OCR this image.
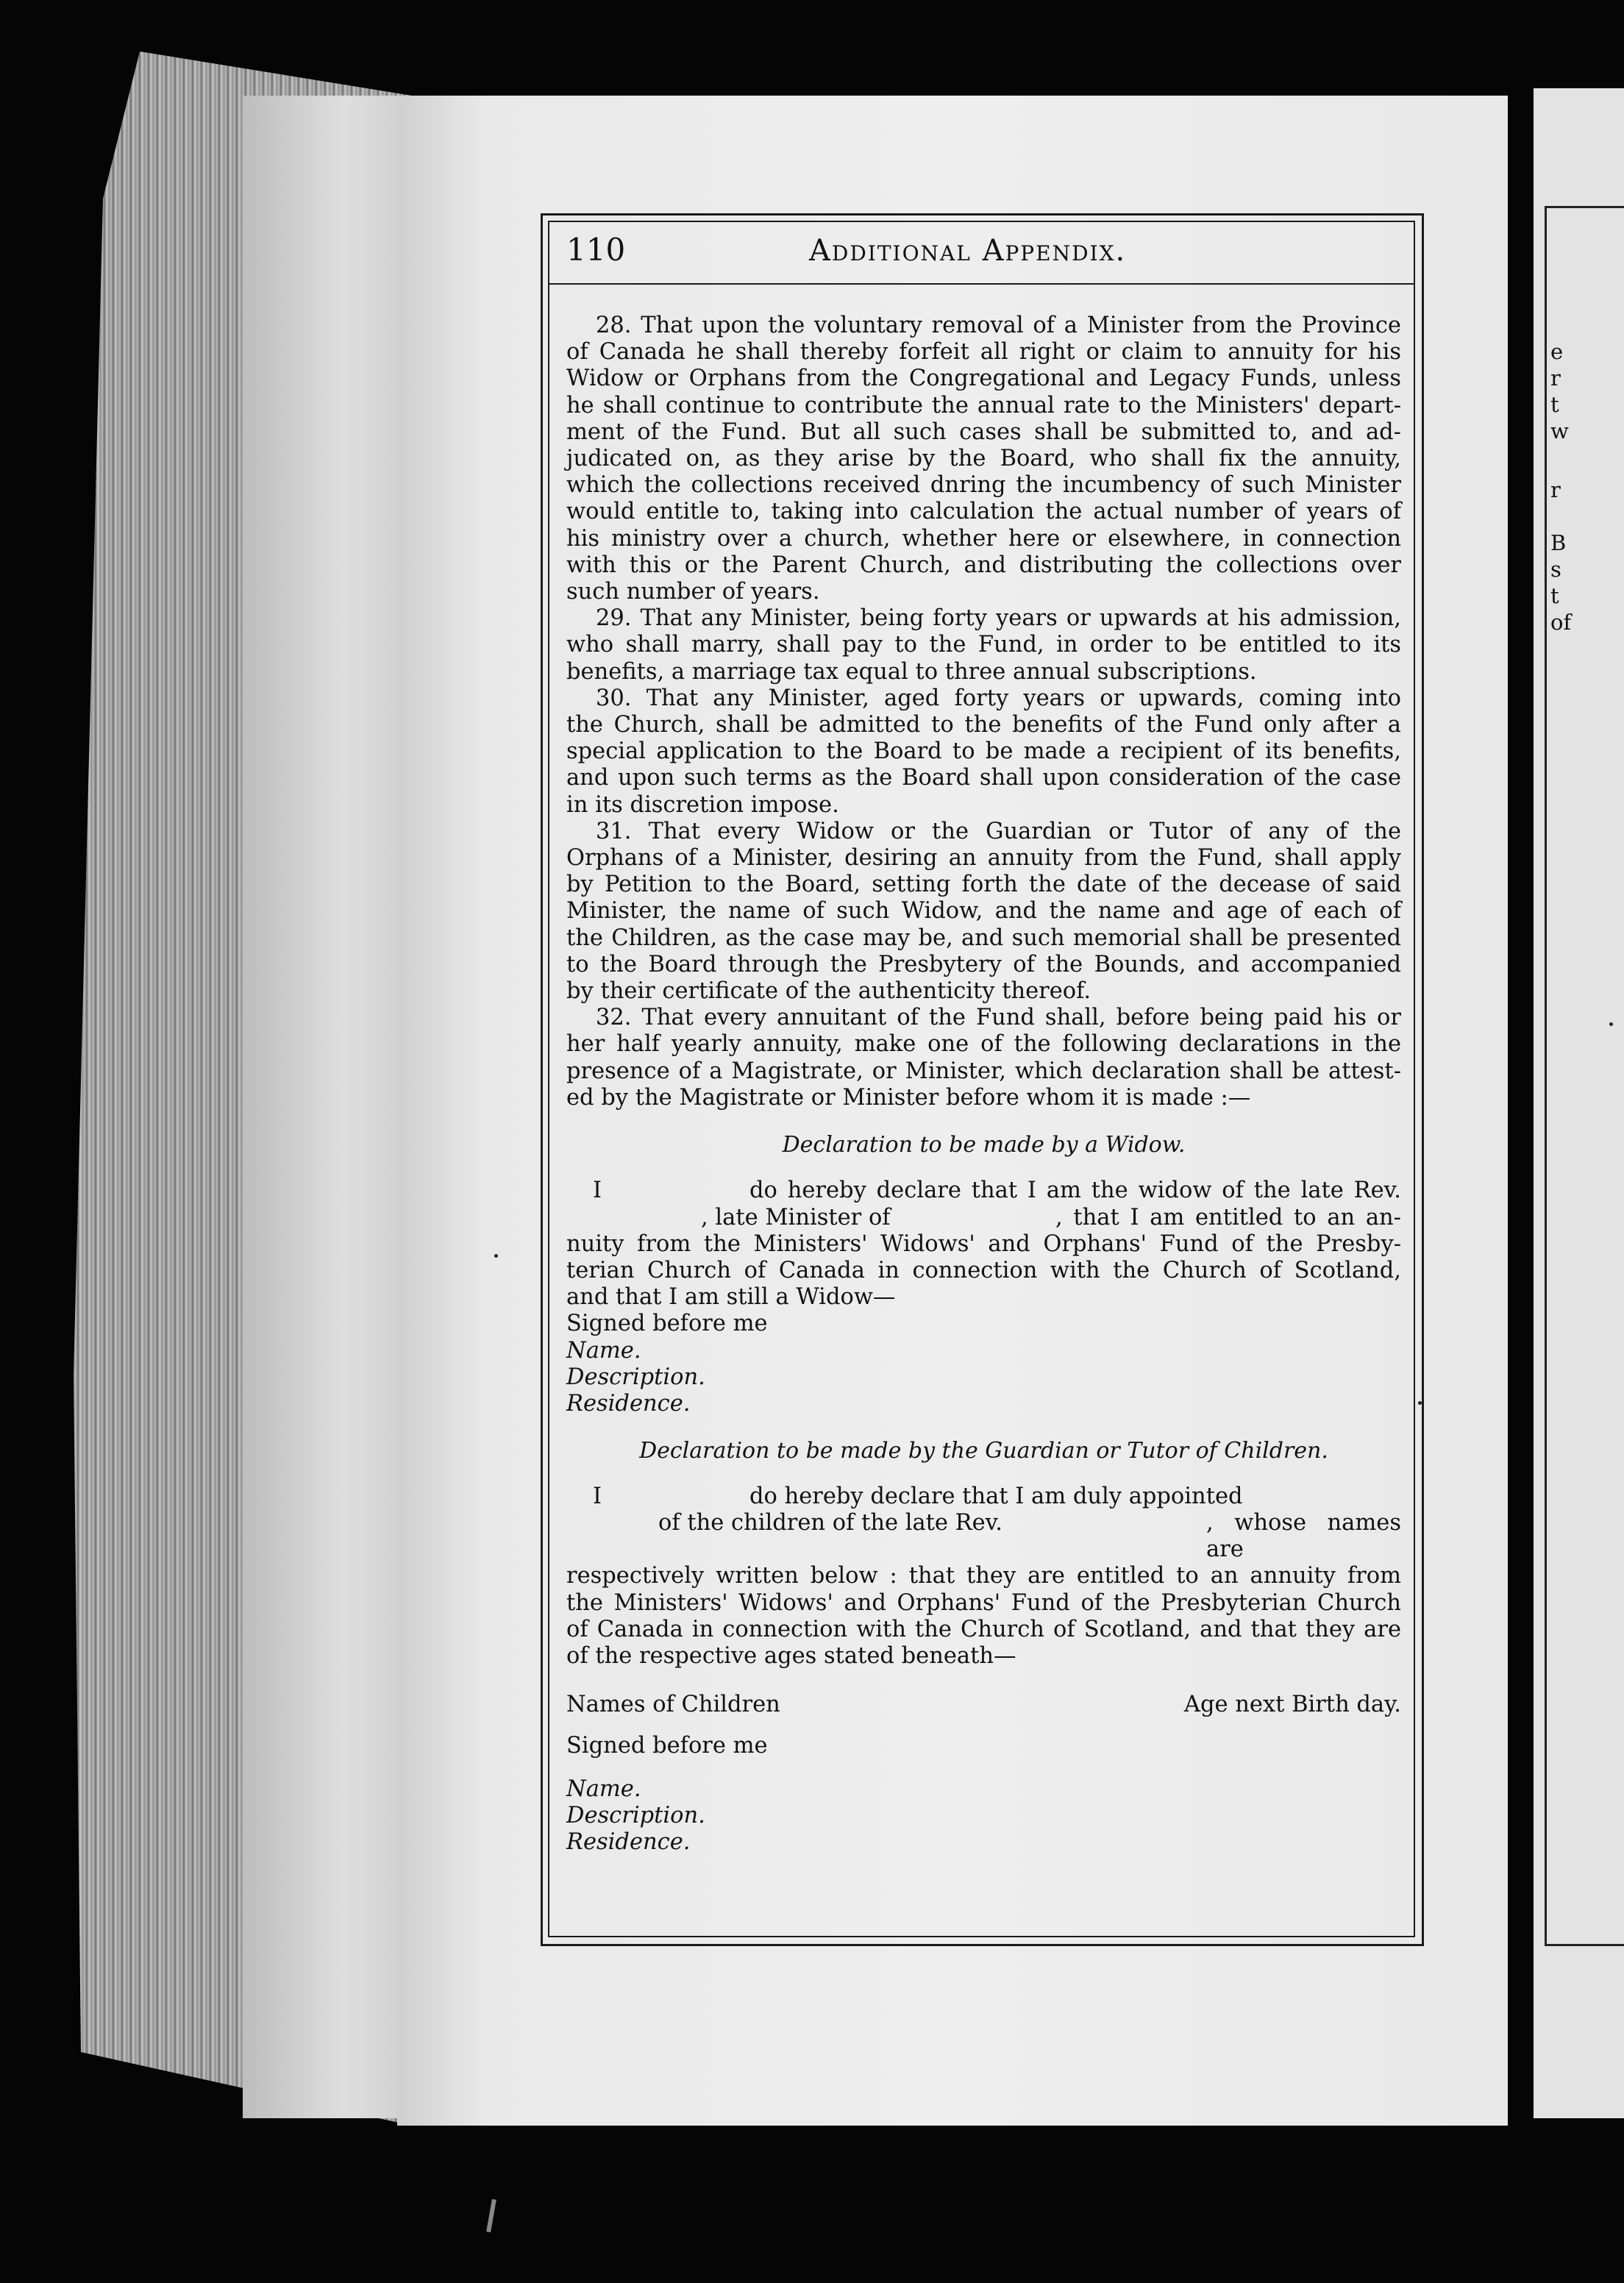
e
r
t
w
r
B
s
t
of
110	Additional Appendix.
28. That upon the voluntary removal of a Minister from the Province
of Canada he shall thereby forfeit all right or claim to annuity for his
Widow or Orphans from the Congregational and Legacy Funds, unless
he shall continue to contribute the annual rate to the Ministers' depart-
ment of the Fund. But all such cases shall be submitted to, and ad-
judicated on, as they arise by the Board, who shall fix the annuity,
which the collections received dnring the incumbency of such Minister
would entitle to, taking into calculation the actual number of years of
his ministry over a church, whether here or elsewhere, in connection
with this or the Parent Church, and distributing the collections over
such number of years.
29. That any Minister, being forty years or upwards at his admission,
who shall marry, shall pay to the Fund, in order to be entitled to its
benefits, a marriage tax equal to three annual subscriptions.
30. That any Minister, aged forty years or upwards, coming into
the Church, shall be admitted to the benefits of the Fund only after a
special application to the Board to be made a recipient of its benefits,
and upon such terms as the Board shall upon consideration of the case
in its discretion impose.
31. That every Widow or the Guardian or Tutor of any of the
Orphans of a Minister, desiring an annuity from the Fund, shall apply
by Petition to the Board, setting forth the date of the decease of said
Minister, the name of such Widow, and the name and age of each of
the Children, as the case may be, and such memorial shall be presented
to the Board through the Presbytery of the Bounds, and accompanied
by their certificate of the authenticity thereof.
32. That every annuitant of the Fund shall, before being paid his or
her half yearly annuity, make one of the following declarations in the
presence of a Magistrate, or Minister, which declaration shall be attest-
ed by the Magistrate or Minister before whom it is made :—
Declaration to be made by a Widow.
I	do hereby declare that I am the widow of the late Rev.
, late Minister of	, that I am entitled to an an-
nuity from the Ministers' Widows' and Orphans' Fund of the Presby-
terian Church of Canada in connection with the Church of Scotland,
and that I am still a Widow—
Signed before me
Name.
Description.
Residence.
Declaration to be made by the Guardian or Tutor of Children.
I	do hereby declare that I am duly appointed
of the children of the late Rev.	, whose names are
respectively written below : that they are entitled to an annuity from
the Ministers' Widows' and Orphans' Fund of the Presbyterian Church
of Canada in connection with the Church of Scotland, and that they are
of the respective ages stated beneath—
Names of Children	Age next Birth day.
Signed before me
Name.
Description.
Residence.
